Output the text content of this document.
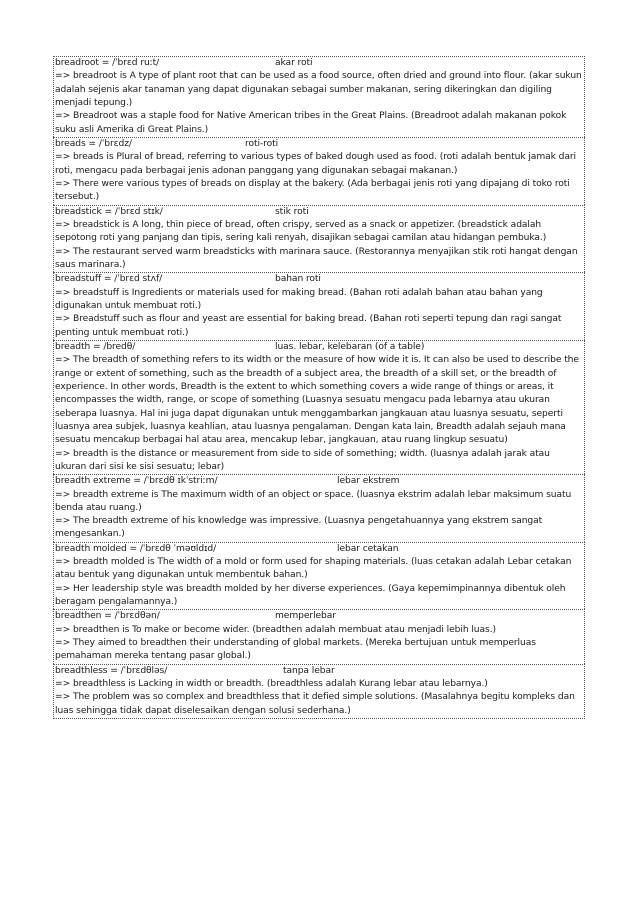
breadroot = /ˈbrɛd ruːt/	akar roti
=> breadroot is A type of plant root that can be used as a food source, often dried and ground into flour. (akar sukun adalah sejenis akar tanaman yang dapat digunakan sebagai sumber makanan, sering dikeringkan dan digiling menjadi tepung.)
=> Breadroot was a staple food for Native American tribes in the Great Plains. (Breadroot adalah makanan pokok suku asli Amerika di Great Plains.)
breads = /ˈbrɛdz/	roti-roti
=> breads is Plural of bread, referring to various types of baked dough used as food. (roti adalah bentuk jamak dari roti, mengacu pada berbagai jenis adonan panggang yang digunakan sebagai makanan.)
=> There were various types of breads on display at the bakery. (Ada berbagai jenis roti yang dipajang di toko roti tersebut.)
breadstick = /ˈbrɛd stɪk/	stik roti
=> breadstick is A long, thin piece of bread, often crispy, served as a snack or appetizer. (breadstick adalah sepotong roti yang panjang dan tipis, sering kali renyah, disajikan sebagai camilan atau hidangan pembuka.)
=> The restaurant served warm breadsticks with marinara sauce. (Restorannya menyajikan stik roti hangat dengan saus marinara.)
breadstuff = /ˈbrɛd stʌf/	bahan roti
=> breadstuff is Ingredients or materials used for making bread. (Bahan roti adalah bahan atau bahan yang digunakan untuk membuat roti.)
=> Breadstuff such as flour and yeast are essential for baking bread. (Bahan roti seperti tepung dan ragi sangat penting untuk membuat roti.)
breadth = /bredθ/	luas. lebar, kelebaran (of a table)
=> The breadth of something refers to its width or the measure of how wide it is. It can also be used to describe the range or extent of something, such as the breadth of a subject area, the breadth of a skill set, or the breadth of experience. In other words, Breadth is the extent to which something covers a wide range of things or areas, it encompasses the width, range, or scope of something (Luasnya sesuatu mengacu pada lebarnya atau ukuran seberapa luasnya. Hal ini juga dapat digunakan untuk menggambarkan jangkauan atau luasnya sesuatu, seperti luasnya area subjek, luasnya keahlian, atau luasnya pengalaman. Dengan kata lain, Breadth adalah sejauh mana sesuatu mencakup berbagai hal atau area, mencakup lebar, jangkauan, atau ruang lingkup sesuatu)
=> breadth is the distance or measurement from side to side of something; width. (luasnya adalah jarak atau ukuran dari sisi ke sisi sesuatu; lebar)
breadth extreme = /ˈbrɛdθ ɪkˈstriːm/	lebar ekstrem
=> breadth extreme is The maximum width of an object or space. (luasnya ekstrim adalah lebar maksimum suatu benda atau ruang.)
=> The breadth extreme of his knowledge was impressive. (Luasnya pengetahuannya yang ekstrem sangat mengesankan.)
breadth molded = /ˈbrɛdθ ˈməʊldɪd/	lebar cetakan
=> breadth molded is The width of a mold or form used for shaping materials. (luas cetakan adalah Lebar cetakan atau bentuk yang digunakan untuk membentuk bahan.)
=> Her leadership style was breadth molded by her diverse experiences. (Gaya kepemimpinannya dibentuk oleh beragam pengalamannya.)
breadthen = /ˈbrɛdθən/	memperlebar
=> breadthen is To make or become wider. (breadthen adalah membuat atau menjadi lebih luas.)
=> They aimed to breadthen their understanding of global markets. (Mereka bertujuan untuk memperluas pemahaman mereka tentang pasar global.)
breadthless = /ˈbrɛdθləs/	tanpa lebar
=> breadthless is Lacking in width or breadth. (breadthless adalah Kurang lebar atau lebarnya.)
=> The problem was so complex and breadthless that it defied simple solutions. (Masalahnya begitu kompleks dan luas sehingga tidak dapat diselesaikan dengan solusi sederhana.)
